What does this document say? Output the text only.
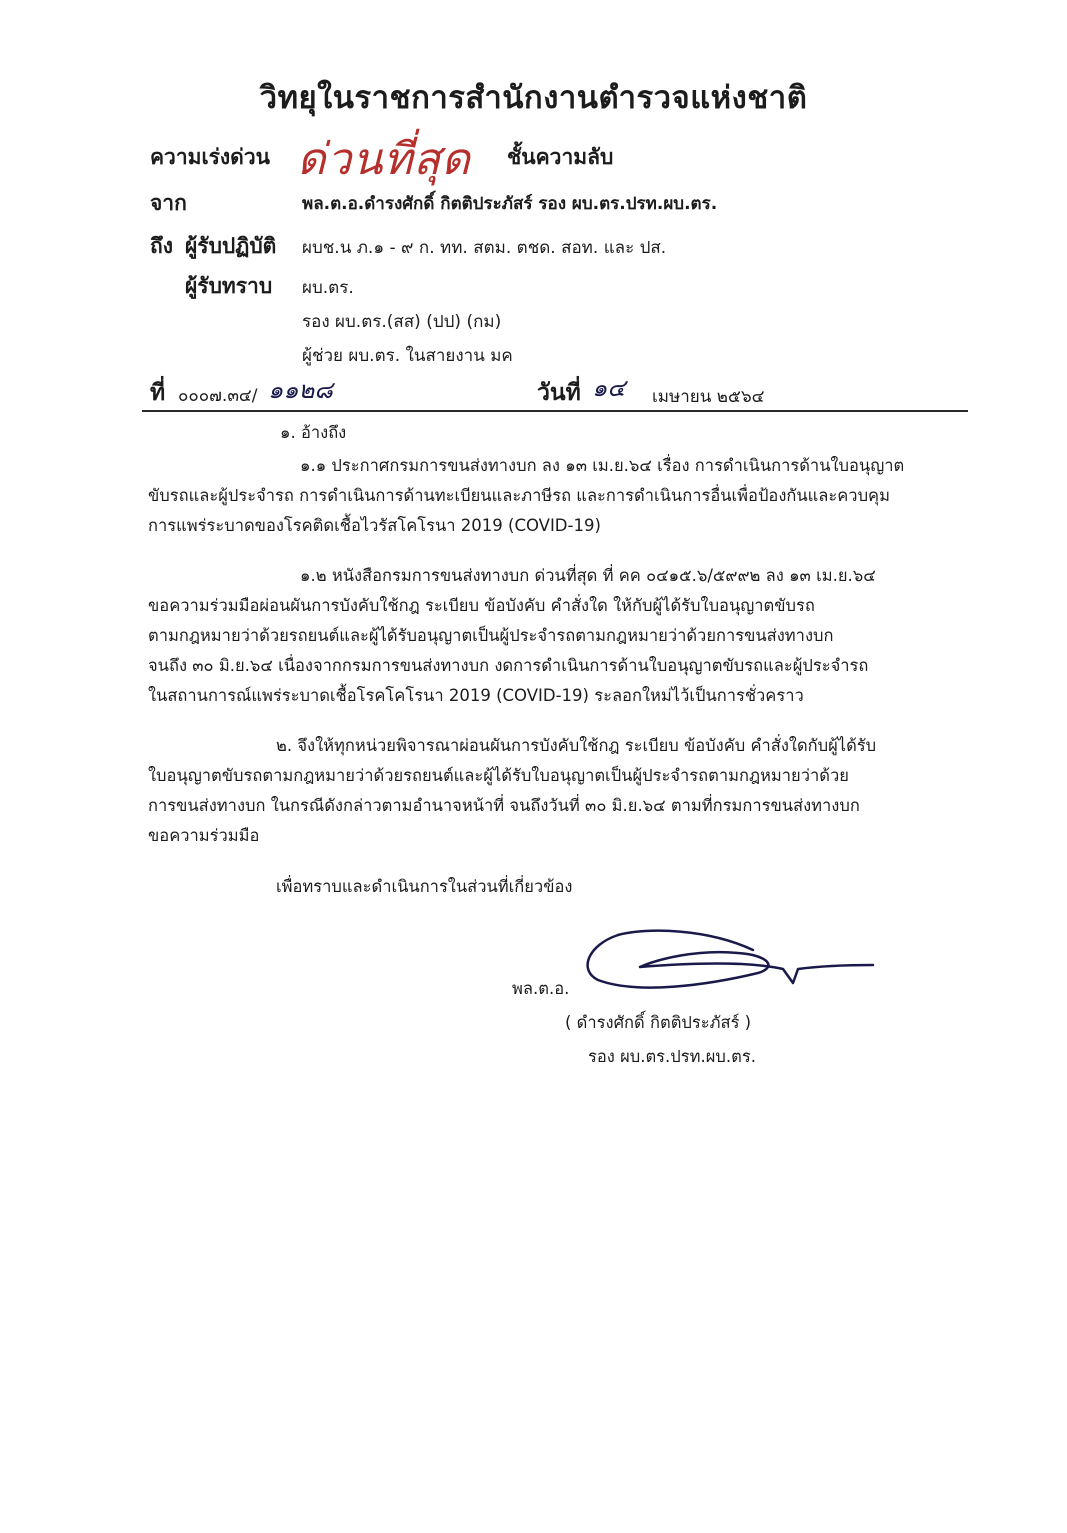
วิทยุในราชการสำนักงานตำรวจแห่งชาติ
ความเร่งด่วน ด่วนที่สุด ชั้นความลับ
จาก	พล.ต.อ.ดำรงศักดิ์ กิตติประภัสร์ รอง ผบ.ตร.ปรท.ผบ.ตร.
ถึง ผู้รับปฏิบัติ ผบช.น ภ.๑ - ๙ ก. ทท. สตม. ตชด. สอท. และ ปส.
ผู้รับทราบ ผบ.ตร.
รอง ผบ.ตร.(สส) (ปป) (กม)
ผู้ช่วย ผบ.ตร. ในสายงาน มค
ที่ ๐๐๐๗.๓๔/ ๑๑๒๘	วันที่ ๑๔ เมษายน ๒๕๖๔
๑. อ้างถึง
๑.๑ ประกาศกรมการขนส่งทางบก ลง ๑๓ เม.ย.๖๔ เรื่อง การดำเนินการด้านใบอนุญาต
ขับรถและผู้ประจำรถ การดำเนินการด้านทะเบียนและภาษีรถ และการดำเนินการอื่นเพื่อป้องกันและควบคุม
การแพร่ระบาดของโรคติดเชื้อไวรัสโคโรนา 2019 (COVID-19)
๑.๒ หนังสือกรมการขนส่งทางบก ด่วนที่สุด ที่ คค ๐๔๑๕.๖/๕๙๙๒ ลง ๑๓ เม.ย.๖๔
ขอความร่วมมือผ่อนผันการบังคับใช้กฎ ระเบียบ ข้อบังคับ คำสั่งใด ให้กับผู้ได้รับใบอนุญาตขับรถ
ตามกฎหมายว่าด้วยรถยนต์และผู้ได้รับอนุญาตเป็นผู้ประจำรถตามกฎหมายว่าด้วยการขนส่งทางบก
จนถึง ๓๐ มิ.ย.๖๔ เนื่องจากกรมการขนส่งทางบก งดการดำเนินการด้านใบอนุญาตขับรถและผู้ประจำรถ
ในสถานการณ์แพร่ระบาดเชื้อโรคโคโรนา 2019 (COVID-19) ระลอกใหม่ไว้เป็นการชั่วคราว
๒. จึงให้ทุกหน่วยพิจารณาผ่อนผันการบังคับใช้กฎ ระเบียบ ข้อบังคับ คำสั่งใดกับผู้ได้รับ
ใบอนุญาตขับรถตามกฎหมายว่าด้วยรถยนต์และผู้ได้รับใบอนุญาตเป็นผู้ประจำรถตามกฎหมายว่าด้วย
การขนส่งทางบก ในกรณีดังกล่าวตามอำนาจหน้าที่ จนถึงวันที่ ๓๐ มิ.ย.๖๔ ตามที่กรมการขนส่งทางบก
ขอความร่วมมือ
เพื่อทราบและดำเนินการในส่วนที่เกี่ยวข้อง
พล.ต.อ.
( ดำรงศักดิ์ กิตติประภัสร์ )
รอง ผบ.ตร.ปรท.ผบ.ตร.
